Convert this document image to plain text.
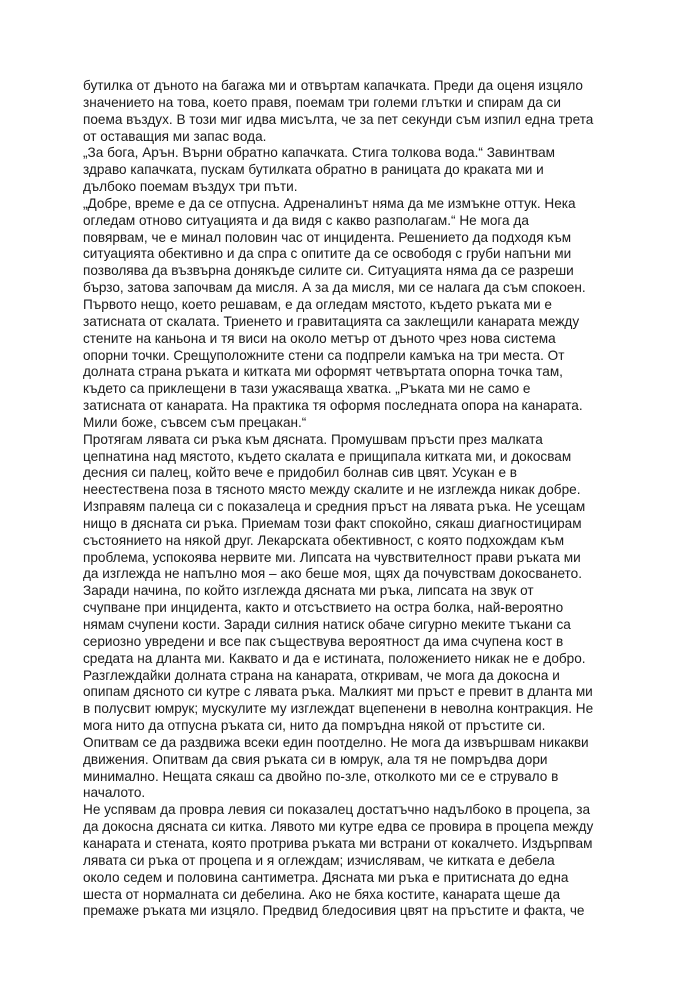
бутилка от дъното на багажа ми и отвъртам капачката. Преди да оценя изцяло
значението на това, което правя, поемам три големи глътки и спирам да си
поема въздух. В този миг идва мисълта, че за пет секунди съм изпил една трета
от оставащия ми запас вода.
„За бога, Арън. Върни обратно капачката. Стига толкова вода.“ Завинтвам
здраво капачката, пускам бутилката обратно в раницата до краката ми и
дълбоко поемам въздух три пъти.
„Добре, време е да се отпусна. Адреналинът няма да ме измъкне оттук. Нека
огледам отново ситуацията и да видя с какво разполагам.“ Не мога да
повярвам, че е минал половин час от инцидента. Решението да подходя към
ситуацията обективно и да спра с опитите да се освободя с груби напъни ми
позволява да възвърна донякъде силите си. Ситуацията няма да се разреши
бързо, затова започвам да мисля. А за да мисля, ми се налага да съм спокоен.
Първото нещо, което решавам, е да огледам мястото, където ръката ми е
затисната от скалата. Триенето и гравитацията са заклещили канарата между
стените на каньона и тя виси на около метър от дъното чрез нова система
опорни точки. Срещуположните стени са подпрели камъка на три места. От
долната страна ръката и китката ми оформят четвъртата опорна точка там,
където са приклещени в тази ужасяваща хватка. „Ръката ми не само е
затисната от канарата. На практика тя оформя последната опора на канарата.
Мили боже, съвсем съм прецакан.“
Протягам лявата си ръка към дясната. Промушвам пръсти през малката
цепнатина над мястото, където скалата е прищипала китката ми, и докосвам
десния си палец, който вече е придобил болнав сив цвят. Усукан е в
неестествена поза в тясното място между скалите и не изглежда никак добре.
Изправям палеца си с показалеца и средния пръст на лявата ръка. Не усещам
нищо в дясната си ръка. Приемам този факт спокойно, сякаш диагностицирам
състоянието на някой друг. Лекарската обективност, с която подхождам към
проблема, успокоява нервите ми. Липсата на чувствителност прави ръката ми
да изглежда не напълно моя – ако беше моя, щях да почувствам докосването.
Заради начина, по който изглежда дясната ми ръка, липсата на звук от
счупване при инцидента, както и отсъствието на остра болка, най-вероятно
нямам счупени кости. Заради силния натиск обаче сигурно мекитe тъкани са
сериозно увредени и все пак съществува вероятност да има счупена кост в
средата на дланта ми. Каквато и да е истината, положението никак не е добро.
Разглеждайки долната страна на канарата, откривам, че мога да докосна и
опипам дясното си кутре с лявата ръка. Малкият ми пръст е превит в дланта ми
в полусвит юмрук; мускулите му изглеждат вцепенени в неволна контракция. Не
мога нито да отпусна ръката си, нито да помръдна някой от пръстите си.
Опитвам се да раздвижа всеки един поотделно. Не мога да извършвам никакви
движения. Опитвам да свия ръката си в юмрук, ала тя не помръдва дори
минимално. Нещата сякаш са двойно по-зле, отколкото ми се е струвало в
началото.
Не успявам да провра левия си показалец достатъчно надълбоко в процепа, за
да докосна дясната си китка. Лявото ми кутре едва се провира в процепа между
канарата и стената, която протрива ръката ми встрани от кокалчето. Издърпвам
лявата си ръка от процепа и я оглеждам; изчислявам, че китката е дебела
около седем и половина сантиметра. Дясната ми ръка е притисната до една
шеста от нормалната си дебелина. Ако не бяха костите, канарата щеше да
премаже ръката ми изцяло. Предвид бледосивия цвят на пръстите и факта, че
